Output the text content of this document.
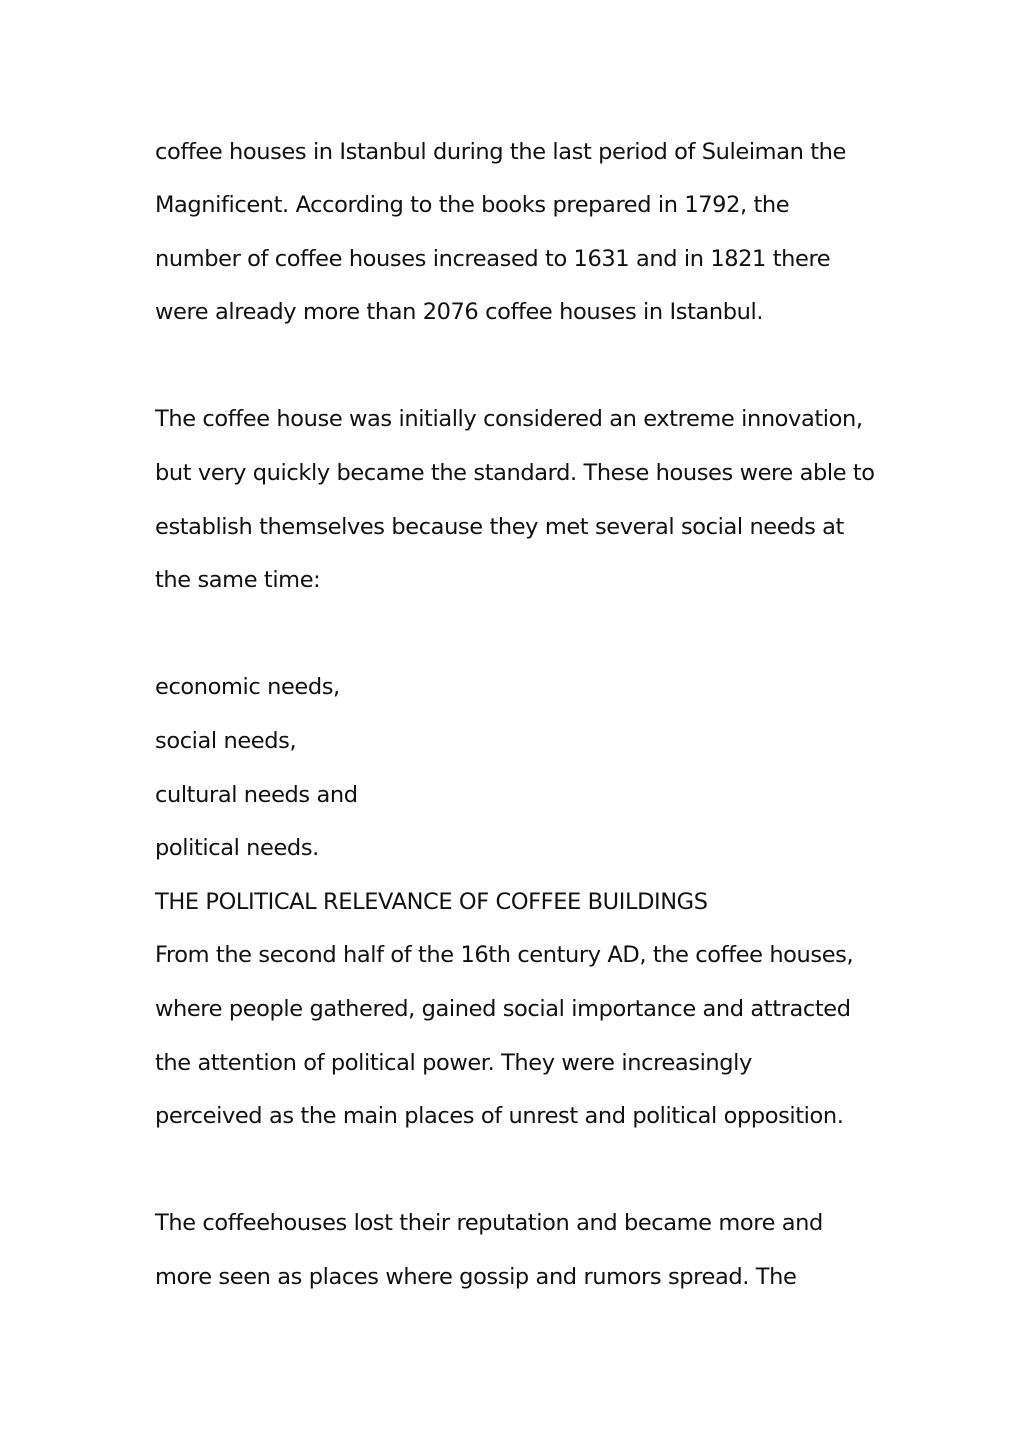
coffee houses in Istanbul during the last period of Suleiman the
Magnificent. According to the books prepared in 1792, the
number of coffee houses increased to 1631 and in 1821 there
were already more than 2076 coffee houses in Istanbul.
The coffee house was initially considered an extreme innovation,
but very quickly became the standard. These houses were able to
establish themselves because they met several social needs at
the same time:
economic needs,
social needs,
cultural needs and
political needs.
THE POLITICAL RELEVANCE OF COFFEE BUILDINGS
From the second half of the 16th century AD, the coffee houses,
where people gathered, gained social importance and attracted
the attention of political power. They were increasingly
perceived as the main places of unrest and political opposition.
The coffeehouses lost their reputation and became more and
more seen as places where gossip and rumors spread. The
